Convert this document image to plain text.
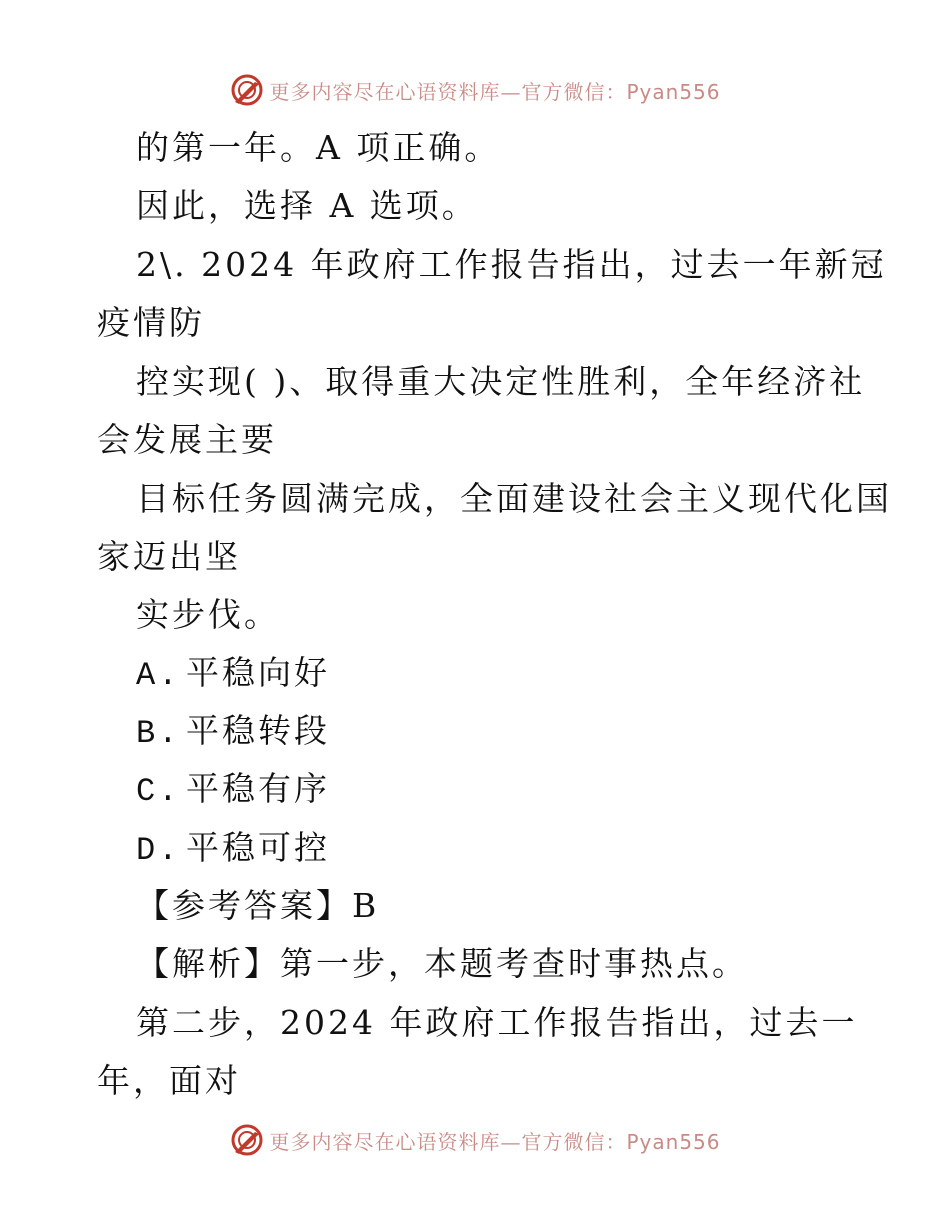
更多内容尽在心语资料库—官方微信：Pyan556
的第一年。A 项正确。
因此，选择 A 选项。
2\. 2024 年政府工作报告指出，过去一年新冠
疫情防
控实现( )、取得重大决定性胜利，全年经济社
会发展主要
目标任务圆满完成，全面建设社会主义现代化国
家迈出坚
实步伐。
A. 平稳向好
B. 平稳转段
C. 平稳有序
D. 平稳可控
【参考答案】B
【解析】第一步，本题考查时事热点。
第二步，2024 年政府工作报告指出，过去一
年，面对
更多内容尽在心语资料库—官方微信：Pyan556
